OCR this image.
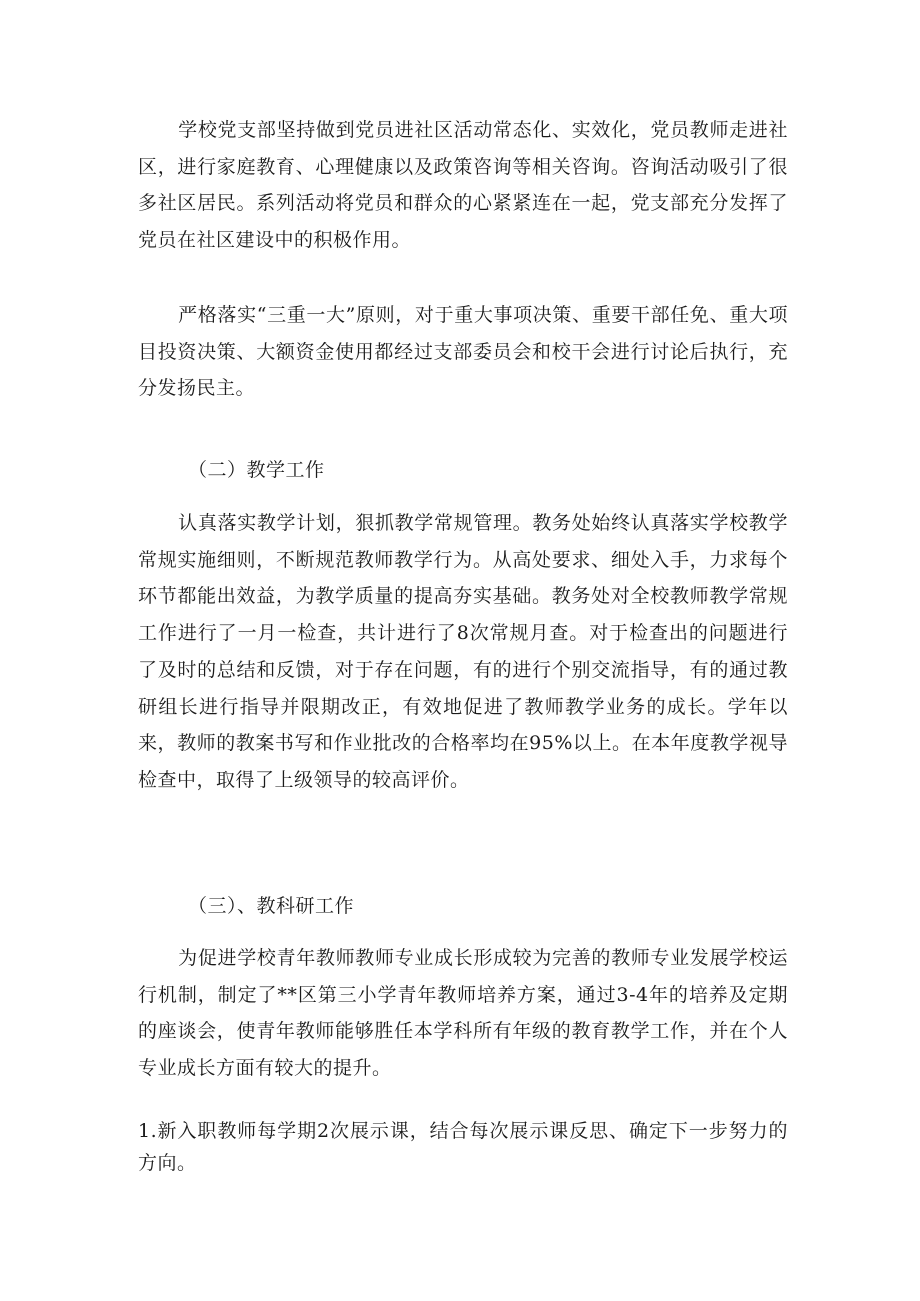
学校党支部坚持做到党员进社区活动常态化、实效化，党员教师走进社区，进行家庭教育、心理健康以及政策咨询等相关咨询。咨询活动吸引了很多社区居民。系列活动将党员和群众的心紧紧连在一起，党支部充分发挥了党员在社区建设中的积极作用。

严格落实“三重一大”原则，对于重大事项决策、重要干部任免、重大项目投资决策、大额资金使用都经过支部委员会和校干会进行讨论后执行，充分发扬民主。

（二）教学工作

认真落实教学计划，狠抓教学常规管理。教务处始终认真落实学校教学常规实施细则，不断规范教师教学行为。从高处要求、细处入手，力求每个环节都能出效益，为教学质量的提高夯实基础。教务处对全校教师教学常规工作进行了一月一检查，共计进行了8次常规月查。对于检查出的问题进行了及时的总结和反馈，对于存在问题，有的进行个别交流指导，有的通过教研组长进行指导并限期改正，有效地促进了教师教学业务的成长。学年以来，教师的教案书写和作业批改的合格率均在95%以上。在本年度教学视导检查中，取得了上级领导的较高评价。

（三）、教科研工作

为促进学校青年教师教师专业成长形成较为完善的教师专业发展学校运行机制，制定了**区第三小学青年教师培养方案，通过3-4年的培养及定期的座谈会，使青年教师能够胜任本学科所有年级的教育教学工作，并在个人专业成长方面有较大的提升。

1.新入职教师每学期2次展示课，结合每次展示课反思、确定下一步努力的方向。
